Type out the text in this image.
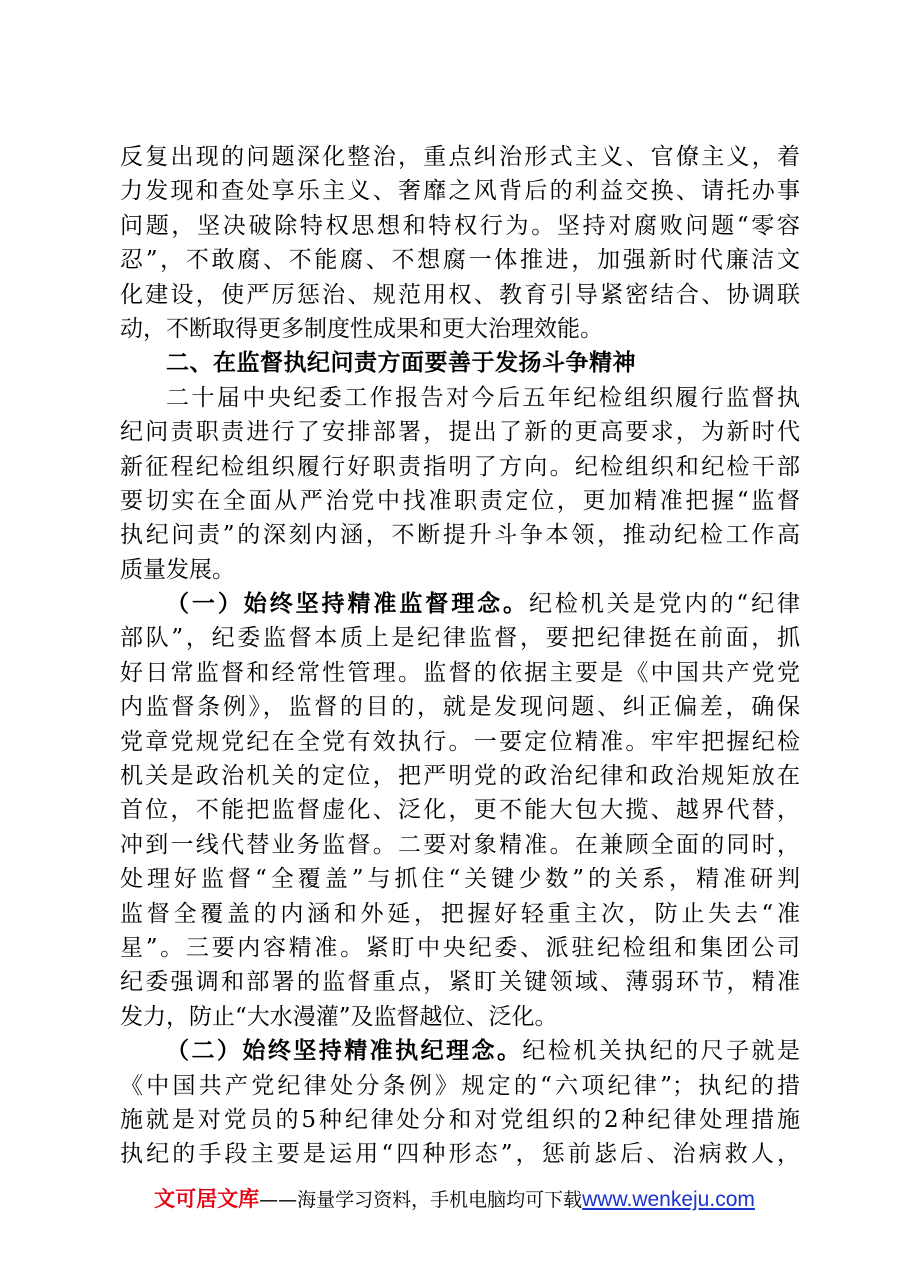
反复出现的问题深化整治，重点纠治形式主义、官僚主义，着
力发现和查处享乐主义、奢靡之风背后的利益交换、请托办事
问题，坚决破除特权思想和特权行为。坚持对腐败问题“零容
忍”，不敢腐、不能腐、不想腐一体推进，加强新时代廉洁文
化建设，使严厉惩治、规范用权、教育引导紧密结合、协调联
动，不断取得更多制度性成果和更大治理效能。
二、在监督执纪问责方面要善于发扬斗争精神
二十届中央纪委工作报告对今后五年纪检组织履行监督执
纪问责职责进行了安排部署，提出了新的更高要求，为新时代
新征程纪检组织履行好职责指明了方向。纪检组织和纪检干部
要切实在全面从严治党中找准职责定位，更加精准把握“监督
执纪问责”的深刻内涵，不断提升斗争本领，推动纪检工作高
质量发展。
（一）始终坚持精准监督理念。纪检机关是党内的“纪律
部队”，纪委监督本质上是纪律监督，要把纪律挺在前面，抓
好日常监督和经常性管理。监督的依据主要是《中国共产党党
内监督条例》，监督的目的，就是发现问题、纠正偏差，确保
党章党规党纪在全党有效执行。一要定位精准。牢牢把握纪检
机关是政治机关的定位，把严明党的政治纪律和政治规矩放在
首位，不能把监督虚化、泛化，更不能大包大揽、越界代替，
冲到一线代替业务监督。二要对象精准。在兼顾全面的同时，
处理好监督“全覆盖”与抓住“关键少数”的关系，精准研判
监督全覆盖的内涵和外延，把握好轻重主次，防止失去“准
星”。三要内容精准。紧盯中央纪委、派驻纪检组和集团公司
纪委强调和部署的监督重点，紧盯关键领域、薄弱环节，精准
发力，防止“大水漫灌”及监督越位、泛化。
（二）始终坚持精准执纪理念。纪检机关执纪的尺子就是
《中国共产党纪律处分条例》规定的“六项纪律”；执纪的措
施就是对党员的5种纪律处分和对党组织的2种纪律处理措施
执纪的手段主要是运用“四种形态”，惩前毖后、治病救人，
文可居文库——海量学习资料，手机电脑均可下载www.wenkeju.com
